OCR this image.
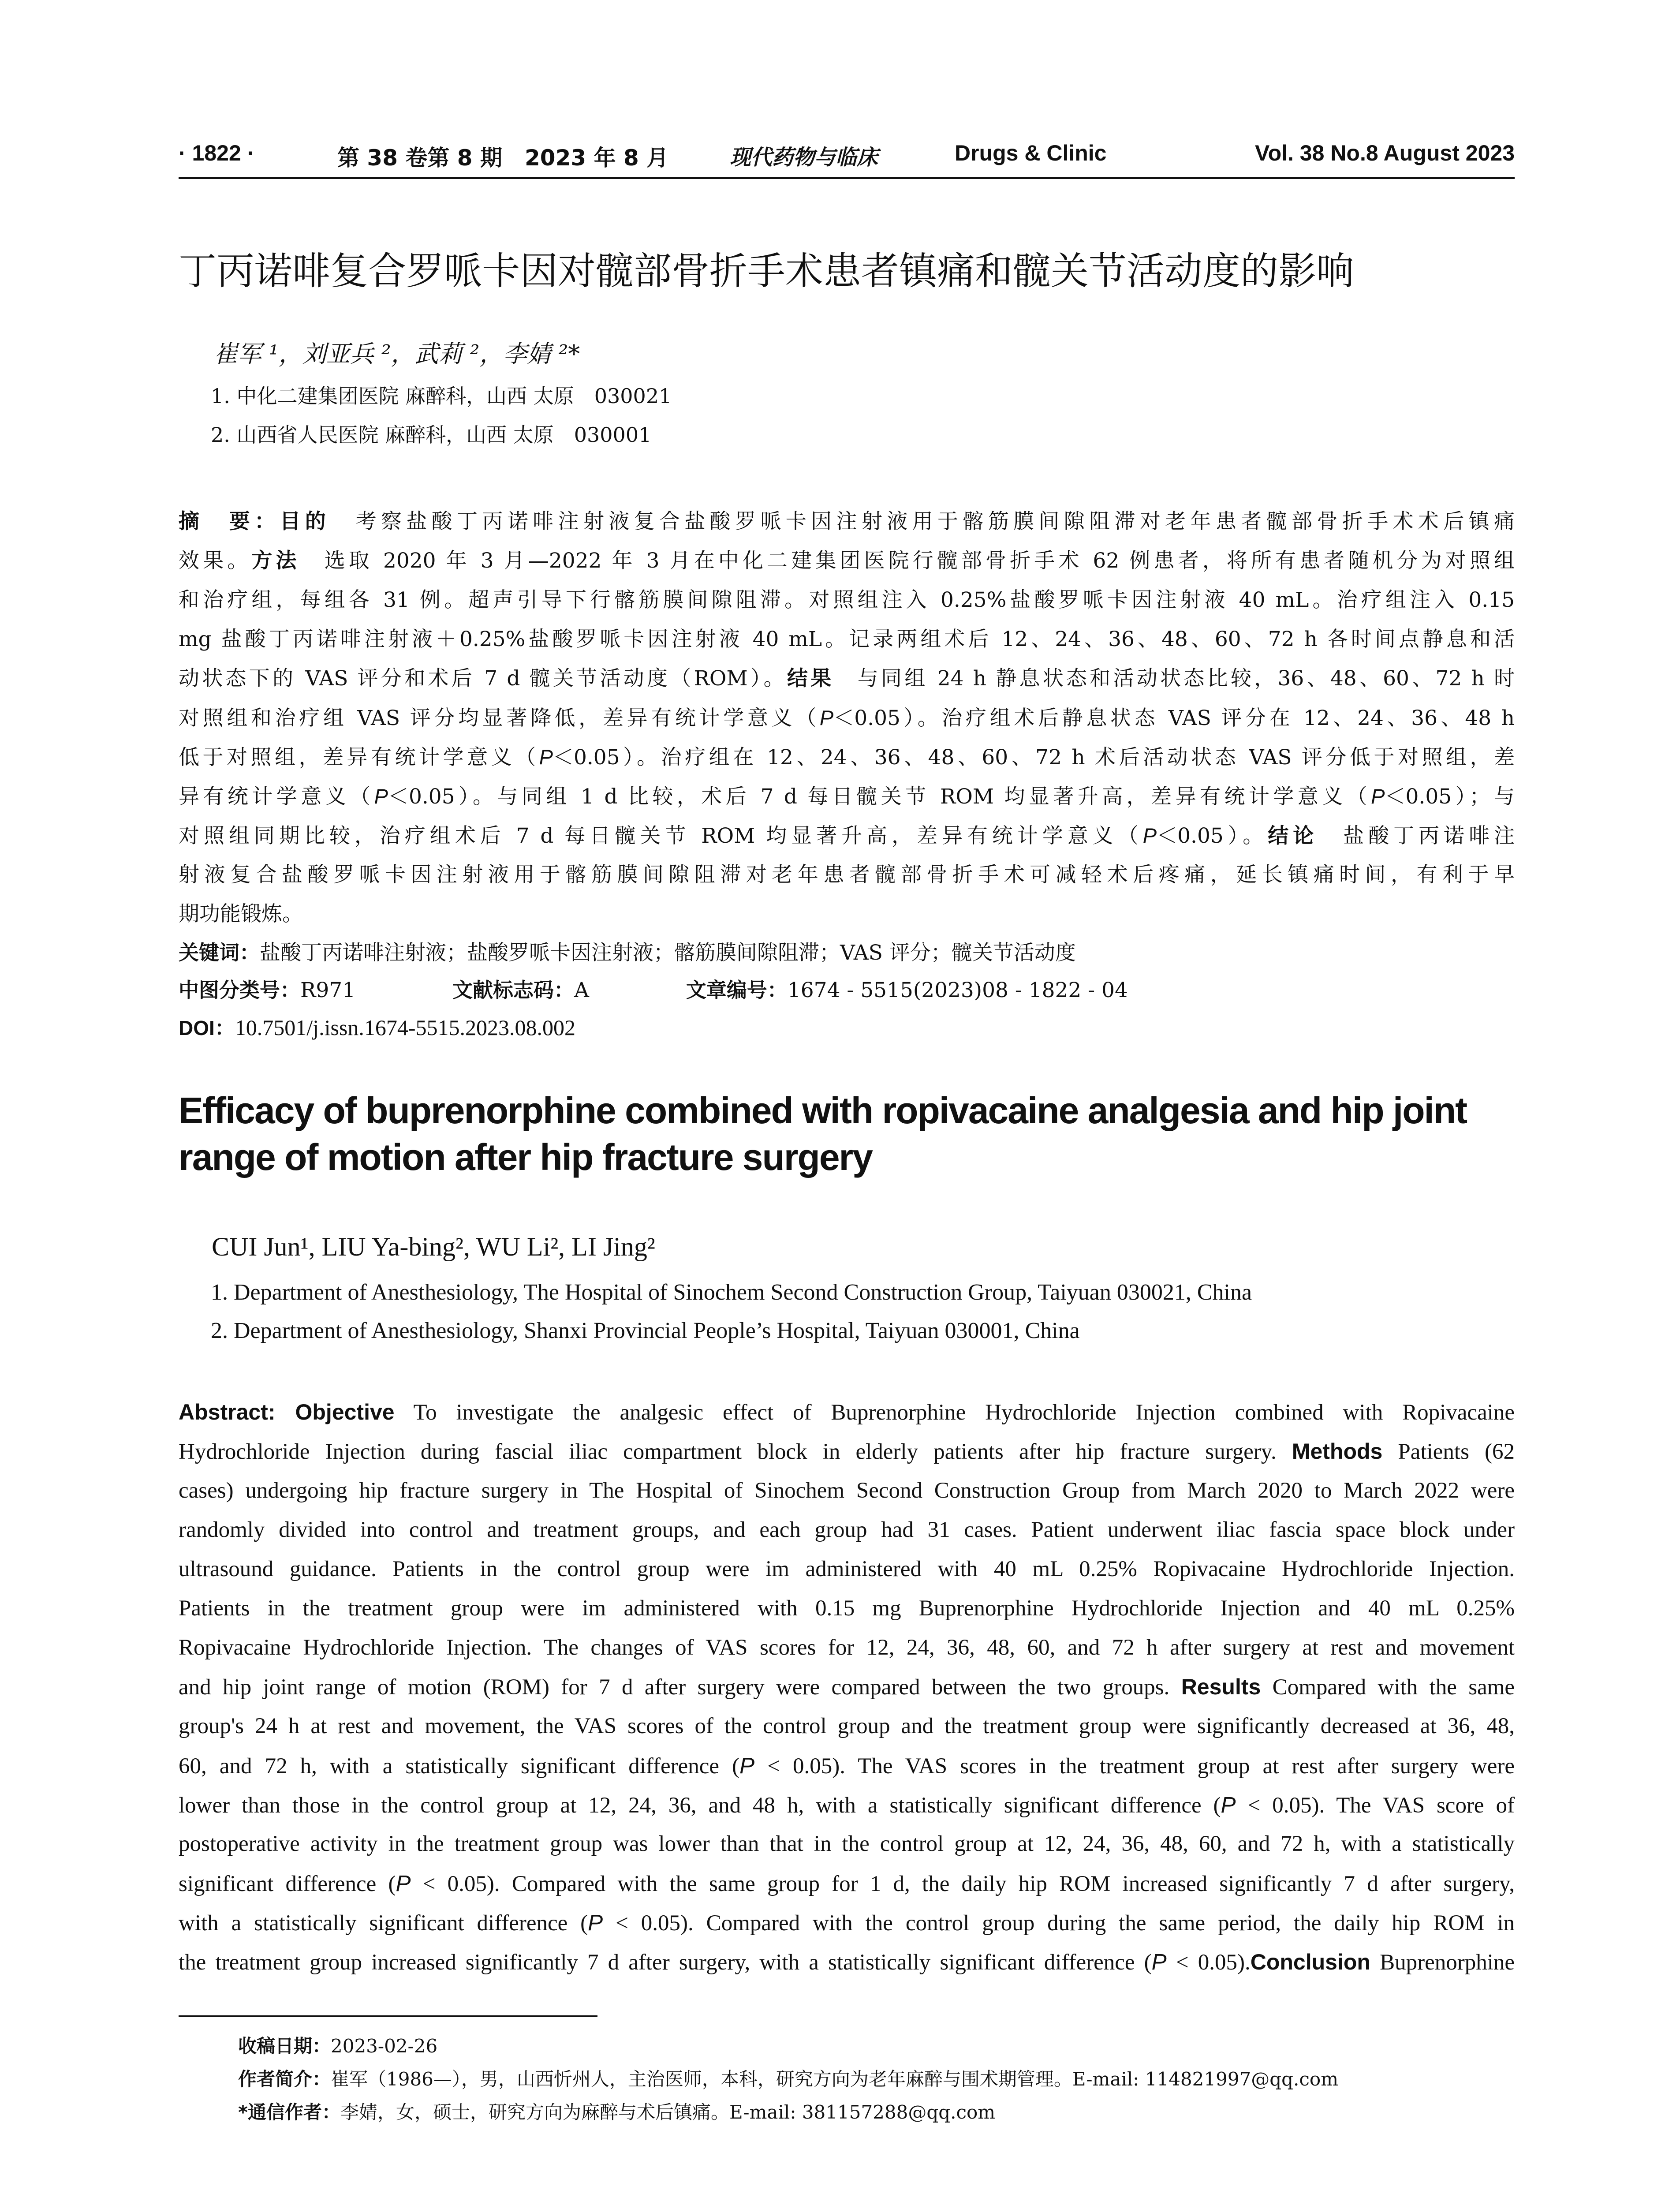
· 1822 ·	第 38 卷第 8 期 2023 年 8 月	现代药物与临床	Drugs & Clinic	Vol. 38 No.8 August 2023
丁丙诺啡复合罗哌卡因对髋部骨折手术患者镇痛和髋关节活动度的影响
崔军 ¹，刘亚兵 ²，武莉 ²，李婧 ²*
1. 中化二建集团医院 麻醉科，山西 太原　030021
2. 山西省人民医院 麻醉科，山西 太原　030001
摘　要：目的　考察盐酸丁丙诺啡注射液复合盐酸罗哌卡因注射液用于髂筋膜间隙阻滞对老年患者髋部骨折手术术后镇痛
效果。方法　选取 2020 年 3 月—2022 年 3 月在中化二建集团医院行髋部骨折手术 62 例患者，将所有患者随机分为对照组
和治疗组，每组各 31 例。超声引导下行髂筋膜间隙阻滞。对照组注入 0.25%盐酸罗哌卡因注射液 40 mL。治疗组注入 0.15
mg 盐酸丁丙诺啡注射液＋0.25%盐酸罗哌卡因注射液 40 mL。记录两组术后 12、24、36、48、60、72 h 各时间点静息和活
动状态下的 VAS 评分和术后 7 d 髋关节活动度（ROM）。结果　与同组 24 h 静息状态和活动状态比较，36、48、60、72 h 时
对照组和治疗组 VAS 评分均显著降低，差异有统计学意义（P＜0.05）。治疗组术后静息状态 VAS 评分在 12、24、36、48 h
低于对照组，差异有统计学意义（P＜0.05）。治疗组在 12、24、36、48、60、72 h 术后活动状态 VAS 评分低于对照组，差
异有统计学意义（P＜0.05）。与同组 1 d 比较，术后 7 d 每日髋关节 ROM 均显著升高，差异有统计学意义（P＜0.05）；与
对照组同期比较，治疗组术后 7 d 每日髋关节 ROM 均显著升高，差异有统计学意义（P＜0.05）。结论　盐酸丁丙诺啡注
射液复合盐酸罗哌卡因注射液用于髂筋膜间隙阻滞对老年患者髋部骨折手术可减轻术后疼痛，延长镇痛时间，有利于早
期功能锻炼。
关键词：盐酸丁丙诺啡注射液；盐酸罗哌卡因注射液；髂筋膜间隙阻滞；VAS 评分；髋关节活动度
中图分类号：R971	文献标志码：A	文章编号：1674 - 5515(2023)08 - 1822 - 04
DOI：10.7501/j.issn.1674-5515.2023.08.002
Efficacy of buprenorphine combined with ropivacaine analgesia and hip joint
range of motion after hip fracture surgery
CUI Jun¹, LIU Ya-bing², WU Li², LI Jing²
1. Department of Anesthesiology, The Hospital of Sinochem Second Construction Group, Taiyuan 030021, China
2. Department of Anesthesiology, Shanxi Provincial People’s Hospital, Taiyuan 030001, China
Abstract: Objective To investigate the analgesic effect of Buprenorphine Hydrochloride Injection combined with Ropivacaine
Hydrochloride Injection during fascial iliac compartment block in elderly patients after hip fracture surgery. Methods Patients (62
cases) undergoing hip fracture surgery in The Hospital of Sinochem Second Construction Group from March 2020 to March 2022 were
randomly divided into control and treatment groups, and each group had 31 cases. Patient underwent iliac fascia space block under
ultrasound guidance. Patients in the control group were im administered with 40 mL 0.25% Ropivacaine Hydrochloride Injection.
Patients in the treatment group were im administered with 0.15 mg Buprenorphine Hydrochloride Injection and 40 mL 0.25%
Ropivacaine Hydrochloride Injection. The changes of VAS scores for 12, 24, 36, 48, 60, and 72 h after surgery at rest and movement
and hip joint range of motion (ROM) for 7 d after surgery were compared between the two groups. Results Compared with the same
group's 24 h at rest and movement, the VAS scores of the control group and the treatment group were significantly decreased at 36, 48,
60, and 72 h, with a statistically significant difference (P < 0.05). The VAS scores in the treatment group at rest after surgery were
lower than those in the control group at 12, 24, 36, and 48 h, with a statistically significant difference (P < 0.05). The VAS score of
postoperative activity in the treatment group was lower than that in the control group at 12, 24, 36, 48, 60, and 72 h, with a statistically
significant difference (P < 0.05). Compared with the same group for 1 d, the daily hip ROM increased significantly 7 d after surgery,
with a statistically significant difference (P < 0.05). Compared with the control group during the same period, the daily hip ROM in
the treatment group increased significantly 7 d after surgery, with a statistically significant difference (P < 0.05).Conclusion Buprenorphine
收稿日期：2023-02-26
作者简介：崔军（1986—），男，山西忻州人，主治医师，本科，研究方向为老年麻醉与围术期管理。E-mail: 114821997@qq.com
*通信作者：李婧，女，硕士，研究方向为麻醉与术后镇痛。E-mail: 381157288@qq.com
